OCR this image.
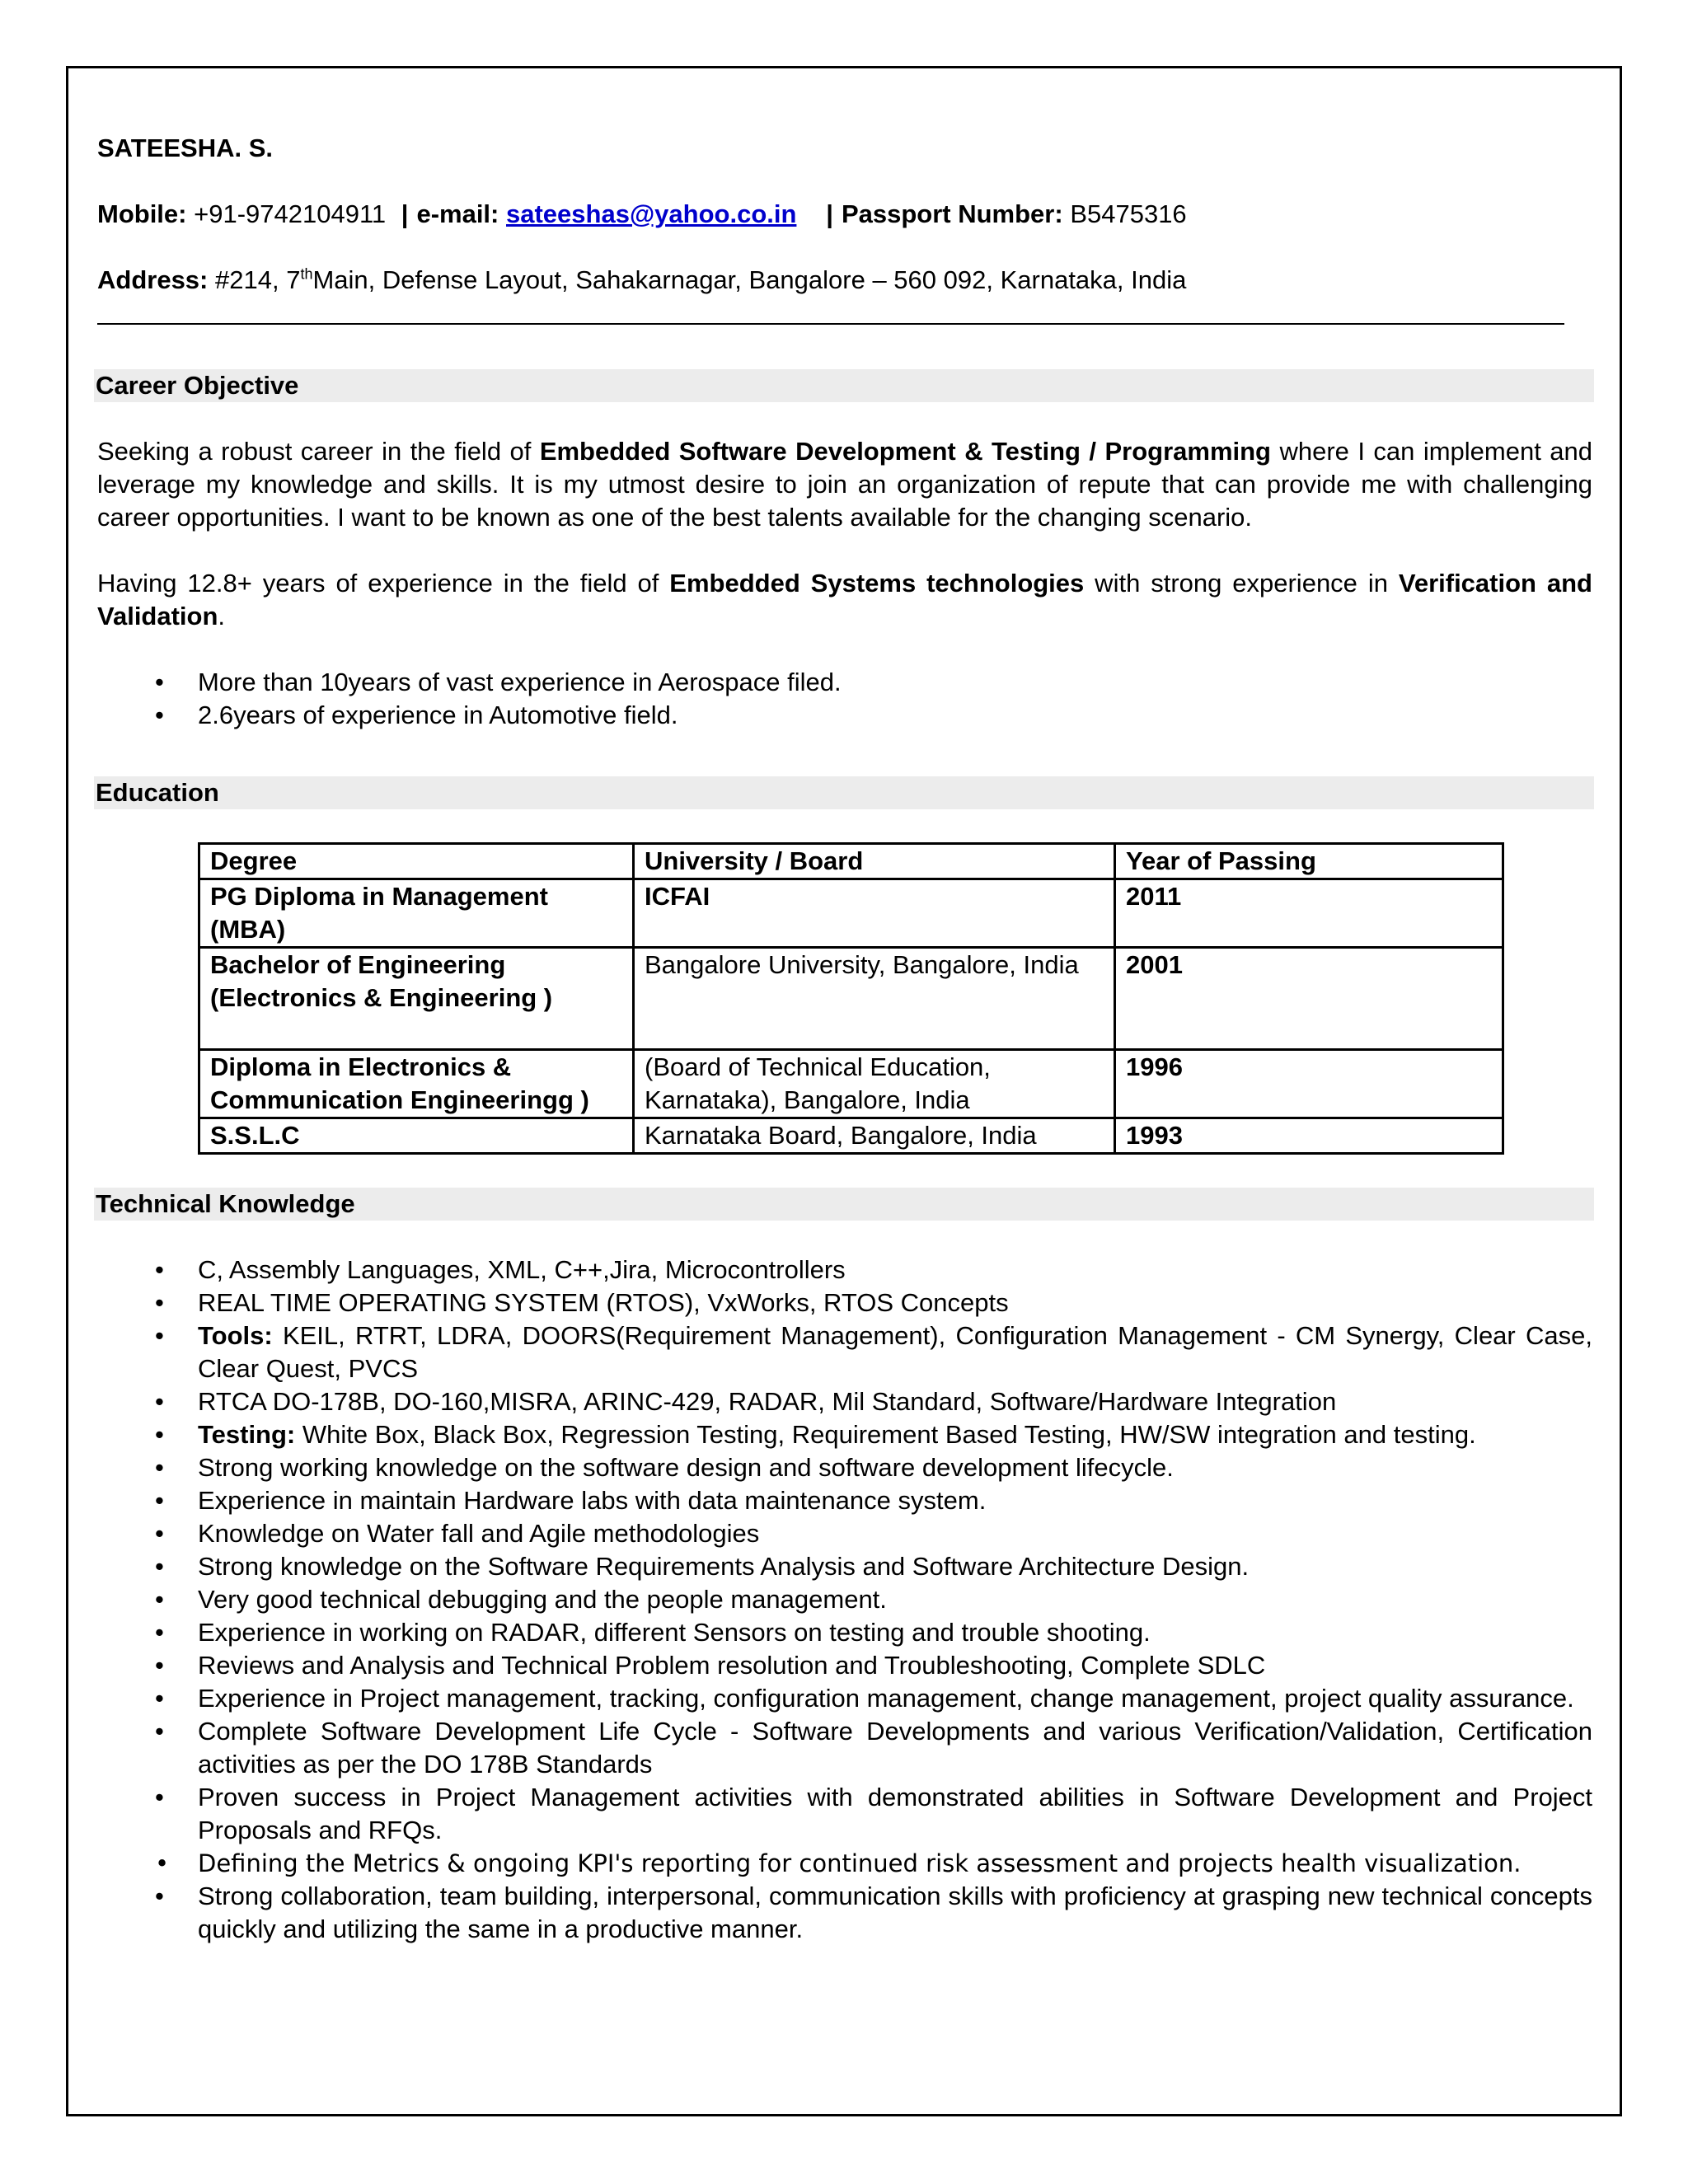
SATEESHA. S.

Mobile: +91-9742104911 | e-mail: sateeshas@yahoo.co.in   | Passport Number: B5475316

Address: #214, 7thMain, Defense Layout, Sahakarnagar, Bangalore – 560 092, Karnataka, India

Career Objective

Seeking a robust career in the field of Embedded Software Development & Testing / Programming where I can implement and leverage my knowledge and skills. It is my utmost desire to join an organization of repute that can provide me with challenging career opportunities. I want to be known as one of the best talents available for the changing scenario.

Having 12.8+ years of experience in the field of Embedded Systems technologies with strong experience in Verification and Validation.

• More than 10years of vast experience in Aerospace filed.
• 2.6years of experience in Automotive field.
Education
Degree	University / Board	Year of Passing
PG Diploma in Management (MBA)	ICFAI	2011
Bachelor of Engineering (Electronics & Engineering )	Bangalore University, Bangalore, India	2001
Diploma in Electronics & Communication Engineeringg )	(Board of Technical Education, Karnataka), Bangalore, India	1996
S.S.L.C	Karnataka Board, Bangalore, India	1993
Technical Knowledge
• C, Assembly Languages, XML, C++,Jira, Microcontrollers
• REAL TIME OPERATING SYSTEM (RTOS), VxWorks, RTOS Concepts
• Tools: KEIL, RTRT, LDRA, DOORS(Requirement Management), Configuration Management - CM Synergy, Clear Case, Clear Quest, PVCS
• RTCA DO-178B, DO-160,MISRA, ARINC-429, RADAR, Mil Standard, Software/Hardware Integration
• Testing: White Box, Black Box, Regression Testing, Requirement Based Testing, HW/SW integration and testing.
• Strong working knowledge on the software design and software development lifecycle.
• Experience in maintain Hardware labs with data maintenance system.
• Knowledge on Water fall and Agile methodologies
• Strong knowledge on the Software Requirements Analysis and Software Architecture Design.
• Very good technical debugging and the people management.
• Experience in working on RADAR, different Sensors on testing and trouble shooting.
• Reviews and Analysis and Technical Problem resolution and Troubleshooting, Complete SDLC
• Experience in Project management, tracking, configuration management, change management, project quality assurance.
• Complete Software Development Life Cycle - Software Developments and various Verification/Validation, Certification activities as per the DO 178B Standards
• Proven success in Project Management activities with demonstrated abilities in Software Development and Project Proposals and RFQs.
• Defining the Metrics & ongoing KPI's reporting for continued risk assessment and projects health visualization.
• Strong collaboration, team building, interpersonal, communication skills with proficiency at grasping new technical concepts quickly and utilizing the same in a productive manner.
